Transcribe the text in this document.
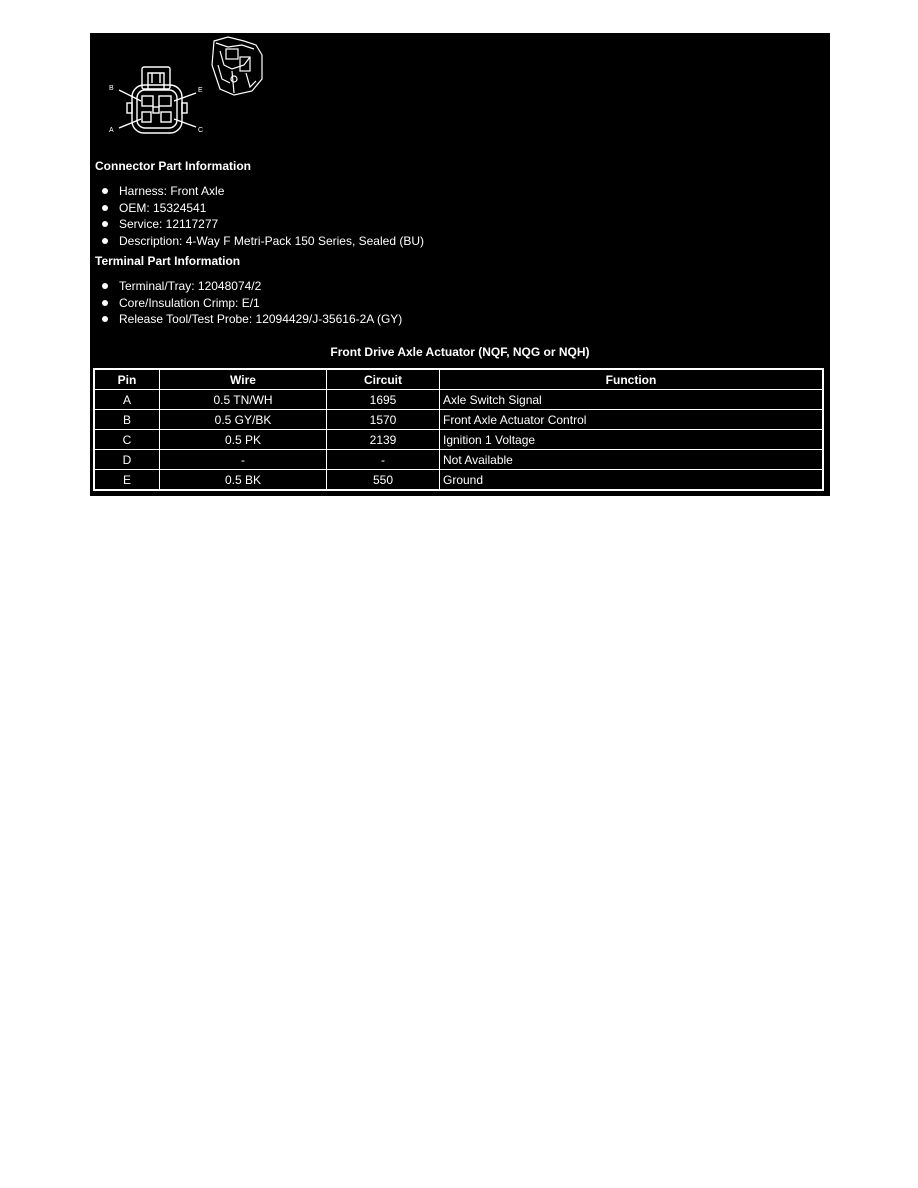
B	E
A	C
Connector Part Information
Harness: Front Axle
OEM: 15324541
Service: 12117277
Description: 4-Way F Metri-Pack 150 Series, Sealed (BU)
Terminal Part Information
Terminal/Tray: 12048074/2
Core/Insulation Crimp: E/1
Release Tool/Test Probe: 12094429/J-35616-2A (GY)
Front Drive Axle Actuator (NQF, NQG or NQH)
Pin	Wire	Circuit	Function
A	0.5 TN/WH	1695	Axle Switch Signal
B	0.5 GY/BK	1570	Front Axle Actuator Control
C	0.5 PK	2139	Ignition 1 Voltage
D	-	-	Not Available
E	0.5 BK	550	Ground
